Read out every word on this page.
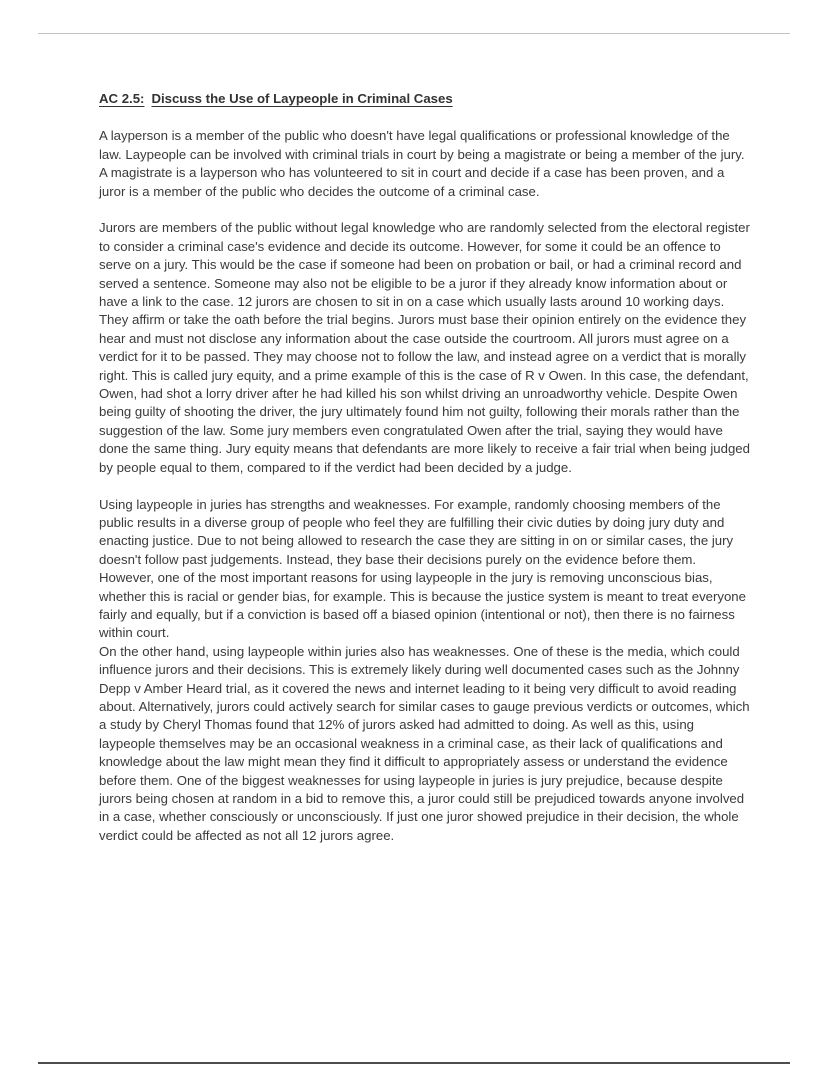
AC 2.5: Discuss the Use of Laypeople in Criminal Cases

A layperson is a member of the public who doesn't have legal qualifications or professional knowledge of the law. Laypeople can be involved with criminal trials in court by being a magistrate or being a member of the jury. A magistrate is a layperson who has volunteered to sit in court and decide if a case has been proven, and a juror is a member of the public who decides the outcome of a criminal case.

Jurors are members of the public without legal knowledge who are randomly selected from the electoral register to consider a criminal case's evidence and decide its outcome. However, for some it could be an offence to serve on a jury. This would be the case if someone had been on probation or bail, or had a criminal record and served a sentence. Someone may also not be eligible to be a juror if they already know information about or have a link to the case. 12 jurors are chosen to sit in on a case which usually lasts around 10 working days. They affirm or take the oath before the trial begins. Jurors must base their opinion entirely on the evidence they hear and must not disclose any information about the case outside the courtroom. All jurors must agree on a verdict for it to be passed. They may choose not to follow the law, and instead agree on a verdict that is morally right. This is called jury equity, and a prime example of this is the case of R v Owen. In this case, the defendant, Owen, had shot a lorry driver after he had killed his son whilst driving an unroadworthy vehicle. Despite Owen being guilty of shooting the driver, the jury ultimately found him not guilty, following their morals rather than the suggestion of the law. Some jury members even congratulated Owen after the trial, saying they would have done the same thing. Jury equity means that defendants are more likely to receive a fair trial when being judged by people equal to them, compared to if the verdict had been decided by a judge.

Using laypeople in juries has strengths and weaknesses. For example, randomly choosing members of the public results in a diverse group of people who feel they are fulfilling their civic duties by doing jury duty and enacting justice. Due to not being allowed to research the case they are sitting in on or similar cases, the jury doesn't follow past judgements. Instead, they base their decisions purely on the evidence before them. However, one of the most important reasons for using laypeople in the jury is removing unconscious bias, whether this is racial or gender bias, for example. This is because the justice system is meant to treat everyone fairly and equally, but if a conviction is based off a biased opinion (intentional or not), then there is no fairness within court.

On the other hand, using laypeople within juries also has weaknesses. One of these is the media, which could influence jurors and their decisions. This is extremely likely during well documented cases such as the Johnny Depp v Amber Heard trial, as it covered the news and internet leading to it being very difficult to avoid reading about. Alternatively, jurors could actively search for similar cases to gauge previous verdicts or outcomes, which a study by Cheryl Thomas found that 12% of jurors asked had admitted to doing. As well as this, using laypeople themselves may be an occasional weakness in a criminal case, as their lack of qualifications and knowledge about the law might mean they find it difficult to appropriately assess or understand the evidence before them. One of the biggest weaknesses for using laypeople in juries is jury prejudice, because despite jurors being chosen at random in a bid to remove this, a juror could still be prejudiced towards anyone involved in a case, whether consciously or unconsciously. If just one juror showed prejudice in their decision, the whole verdict could be affected as not all 12 jurors agree.
